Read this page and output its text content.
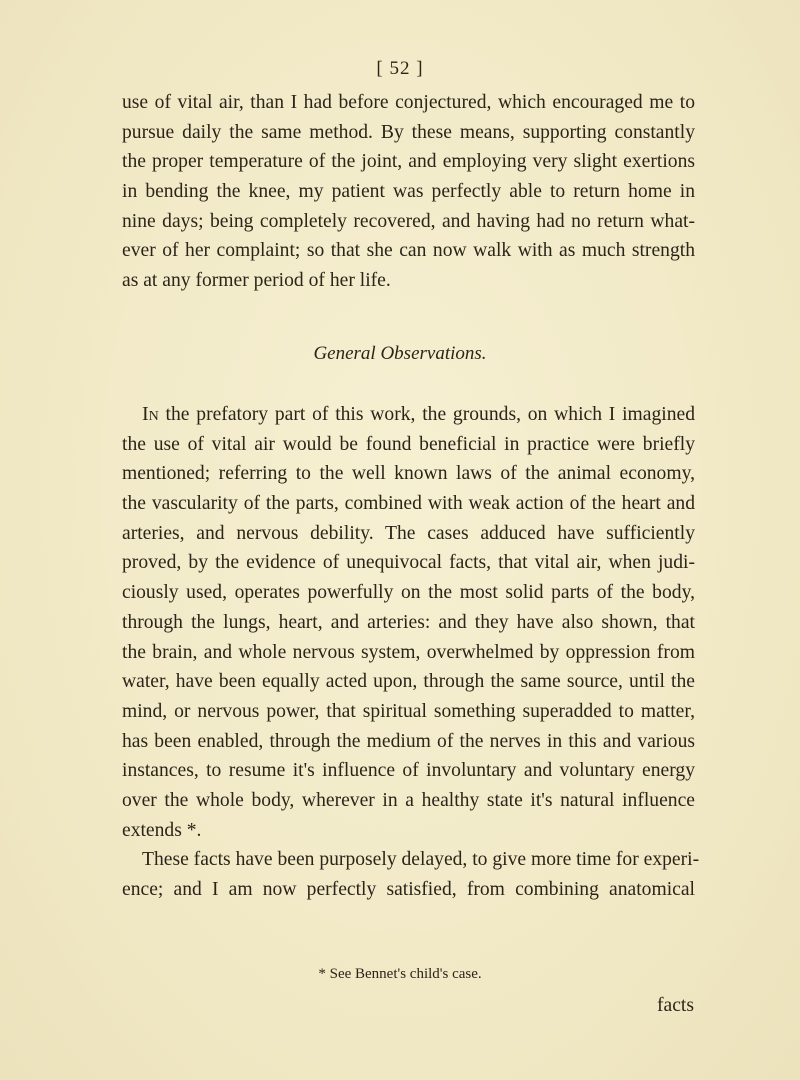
[ 52 ]
use of vital air, than I had before conjectured, which encouraged me to
pursue daily the same method. By these means, supporting constantly
the proper temperature of the joint, and employing very slight exertions
in bending the knee, my patient was perfectly able to return home in
nine days; being completely recovered, and having had no return what-
ever of her complaint; so that she can now walk with as much strength
as at any former period of her life.
General Observations.
In the prefatory part of this work, the grounds, on which I imagined
the use of vital air would be found beneficial in practice were briefly
mentioned; referring to the well known laws of the animal economy,
the vascularity of the parts, combined with weak action of the heart and
arteries, and nervous debility. The cases adduced have sufficiently
proved, by the evidence of unequivocal facts, that vital air, when judi-
ciously used, operates powerfully on the most solid parts of the body,
through the lungs, heart, and arteries: and they have also shown, that
the brain, and whole nervous system, overwhelmed by oppression from
water, have been equally acted upon, through the same source, until the
mind, or nervous power, that spiritual something superadded to matter,
has been enabled, through the medium of the nerves in this and various
instances, to resume it's influence of involuntary and voluntary energy
over the whole body, wherever in a healthy state it's natural influence
extends *.
These facts have been purposely delayed, to give more time for experi-
ence; and I am now perfectly satisfied, from combining anatomical
* See Bennet's child's case.
facts
